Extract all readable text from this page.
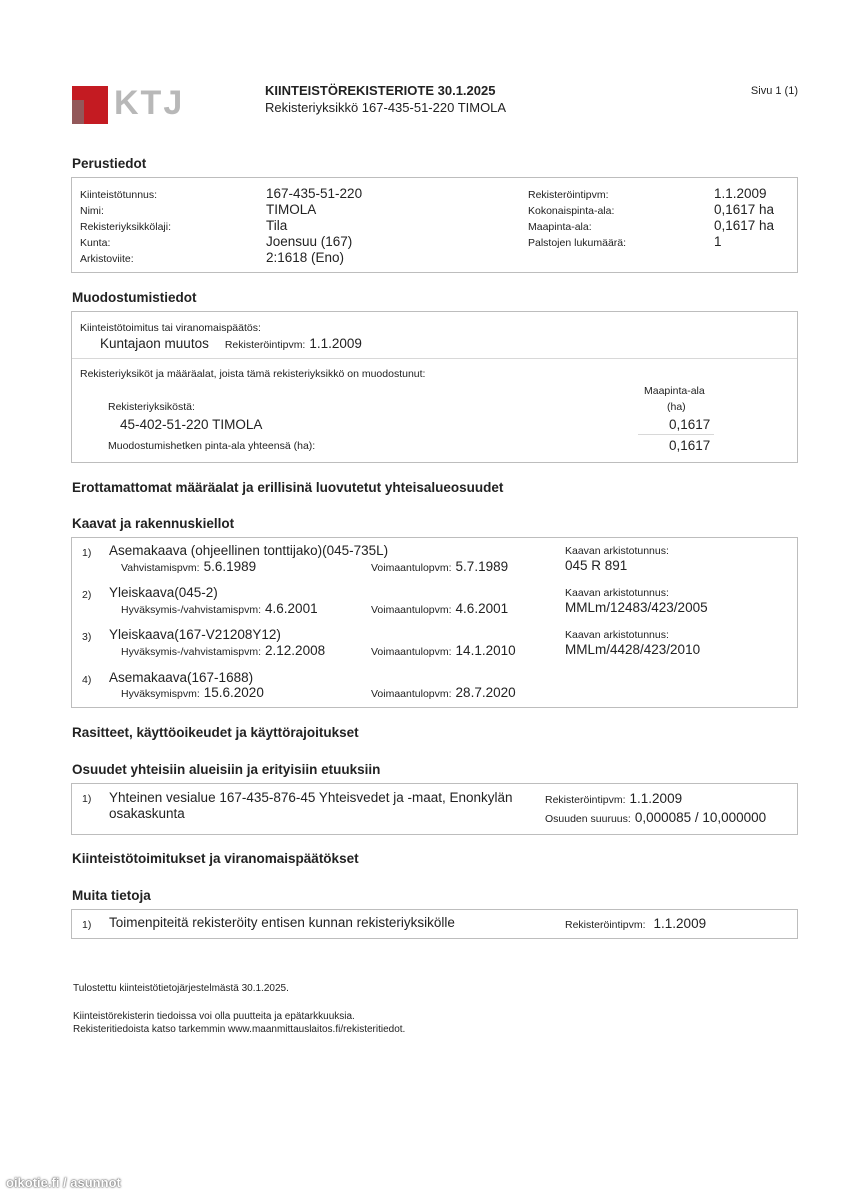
KTJ	KIINTEISTÖREKISTERIOTE 30.1.2025
Rekisteriyksikkö 167-435-51-220 TIMOLA
Sivu 1 (1)
Perustiedot
Kiinteistötunnus:	167-435-51-220
Nimi:	TIMOLA
Rekisteriyksikkölaji:	Tila
Kunta:	Joensuu (167)
Arkistoviite:	2:1618 (Eno)
Rekisteröintipvm:	1.1.2009
Kokonaispinta-ala:	0,1617 ha
Maapinta-ala:	0,1617 ha
Palstojen lukumäärä:	1
Muodostumistiedot
Kiinteistötoimitus tai viranomaispäätös:
Kuntajaon muutos Rekisteröintipvm: 1.1.2009
Rekisteriyksiköt ja määräalat, joista tämä rekisteriyksikkö on muodostunut:
Maapinta-ala
(ha)
Rekisteriyksiköstä:
45-402-51-220 TIMOLA	0,1617
Muodostumishetken pinta-ala yhteensä (ha):	0,1617
Erottamattomat määräalat ja erillisinä luovutetut yhteisalueosuudet
Kaavat ja rakennuskiellot
1) Asemakaava (ohjeellinen tonttijako)(045-735L)
Vahvistamispvm: 5.6.1989	Voimaantulopvm: 5.7.1989
Kaavan arkistotunnus:
045 R 891
2) Yleiskaava(045-2)
Hyväksymis-/vahvistamispvm: 4.6.2001	Voimaantulopvm: 4.6.2001
Kaavan arkistotunnus:
MMLm/12483/423/2005
3) Yleiskaava(167-V21208Y12)
Hyväksymis-/vahvistamispvm: 2.12.2008	Voimaantulopvm: 14.1.2010
Kaavan arkistotunnus:
MMLm/4428/423/2010
4) Asemakaava(167-1688)
Hyväksymispvm: 15.6.2020	Voimaantulopvm: 28.7.2020
Rasitteet, käyttöoikeudet ja käyttörajoitukset
Osuudet yhteisiin alueisiin ja erityisiin etuuksiin
1) Yhteinen vesialue 167-435-876-45 Yhteisvedet ja -maat, Enonkylän
osakaskunta
Rekisteröintipvm: 1.1.2009
Osuuden suuruus: 0,000085 / 10,000000
Kiinteistötoimitukset ja viranomaispäätökset
Muita tietoja
1) Toimenpiteitä rekisteröity entisen kunnan rekisteriyksikölle	Rekisteröintipvm: 1.1.2009
Tulostettu kiinteistötietojärjestelmästä 30.1.2025.
Kiinteistörekisterin tiedoissa voi olla puutteita ja epätarkkuuksia.
Rekisteritiedoista katso tarkemmin www.maanmittauslaitos.fi/rekisteritiedot.
oikotie.fi / asunnot
